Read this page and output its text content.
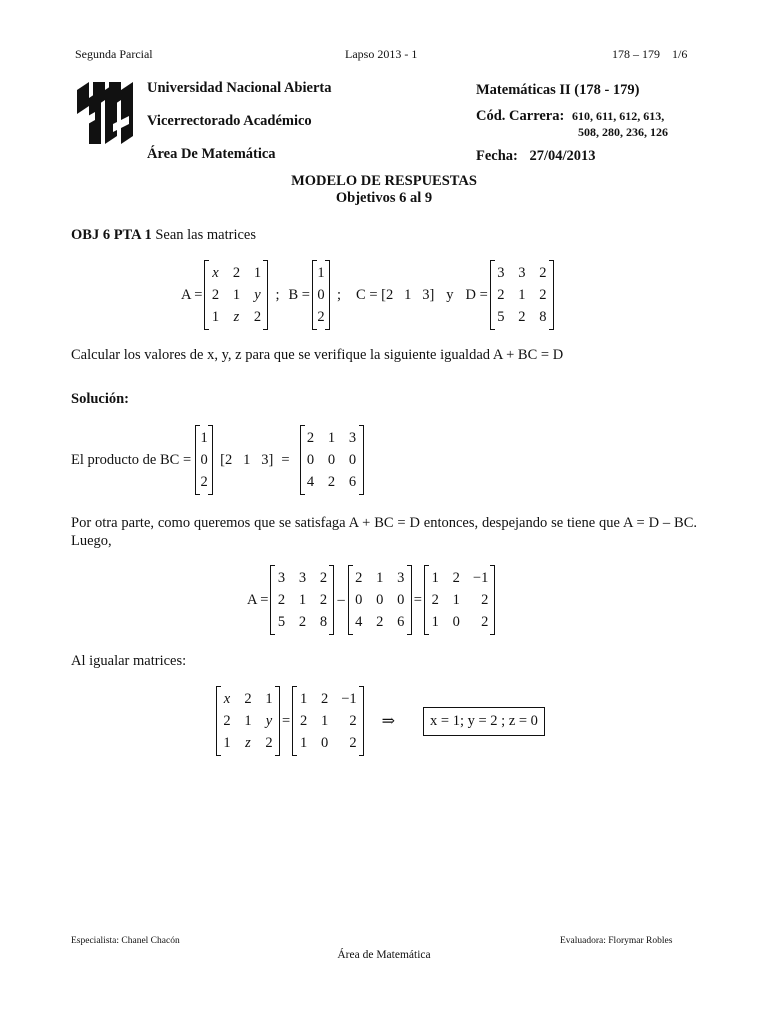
Segunda Parcial	Lapso 2013 - 1	178 – 179    1/6
Universidad Nacional Abierta
Vicerrectorado Académico
Área De Matemática
Matemáticas II (178 - 179)
Cód. Carrera: 610, 611, 612, 613,
508, 280, 236, 126
Fecha: 27/04/2013
MODELO DE RESPUESTAS
Objetivos 6 al 9
OBJ 6 PTA 1 Sean las matrices
A =
x 2 1
2 1 y
1 z 2
; B =
1
0
2
; C = [2   1   3] y D =
3 3 2
2 1 2
5 2 8
Calcular los valores de x, y, z para que se verifique la siguiente igualdad A + BC = D
Solución:
El producto de BC =
1
0
2
[2   1   3] =
2 1 3
0 0 0
4 2 6
Por otra parte, como queremos que se satisfaga A + BC = D entonces, despejando se tiene que A = D – BC. Luego,
A =
3 3 2
2 1 2
5 2 8
–
2 1 3
0 0 0
4 2 6
=
1 2 −1
2 1	2
1 0	2
Al igualar matrices:
x 2 1
2 1 y
1 z 2
=
1 2 −1
2 1	2
1 0	2
⇒	x = 1; y = 2 ; z = 0
Especialista: Chanel Chacón	Evaluadora: Florymar Robles
Área de Matemática
